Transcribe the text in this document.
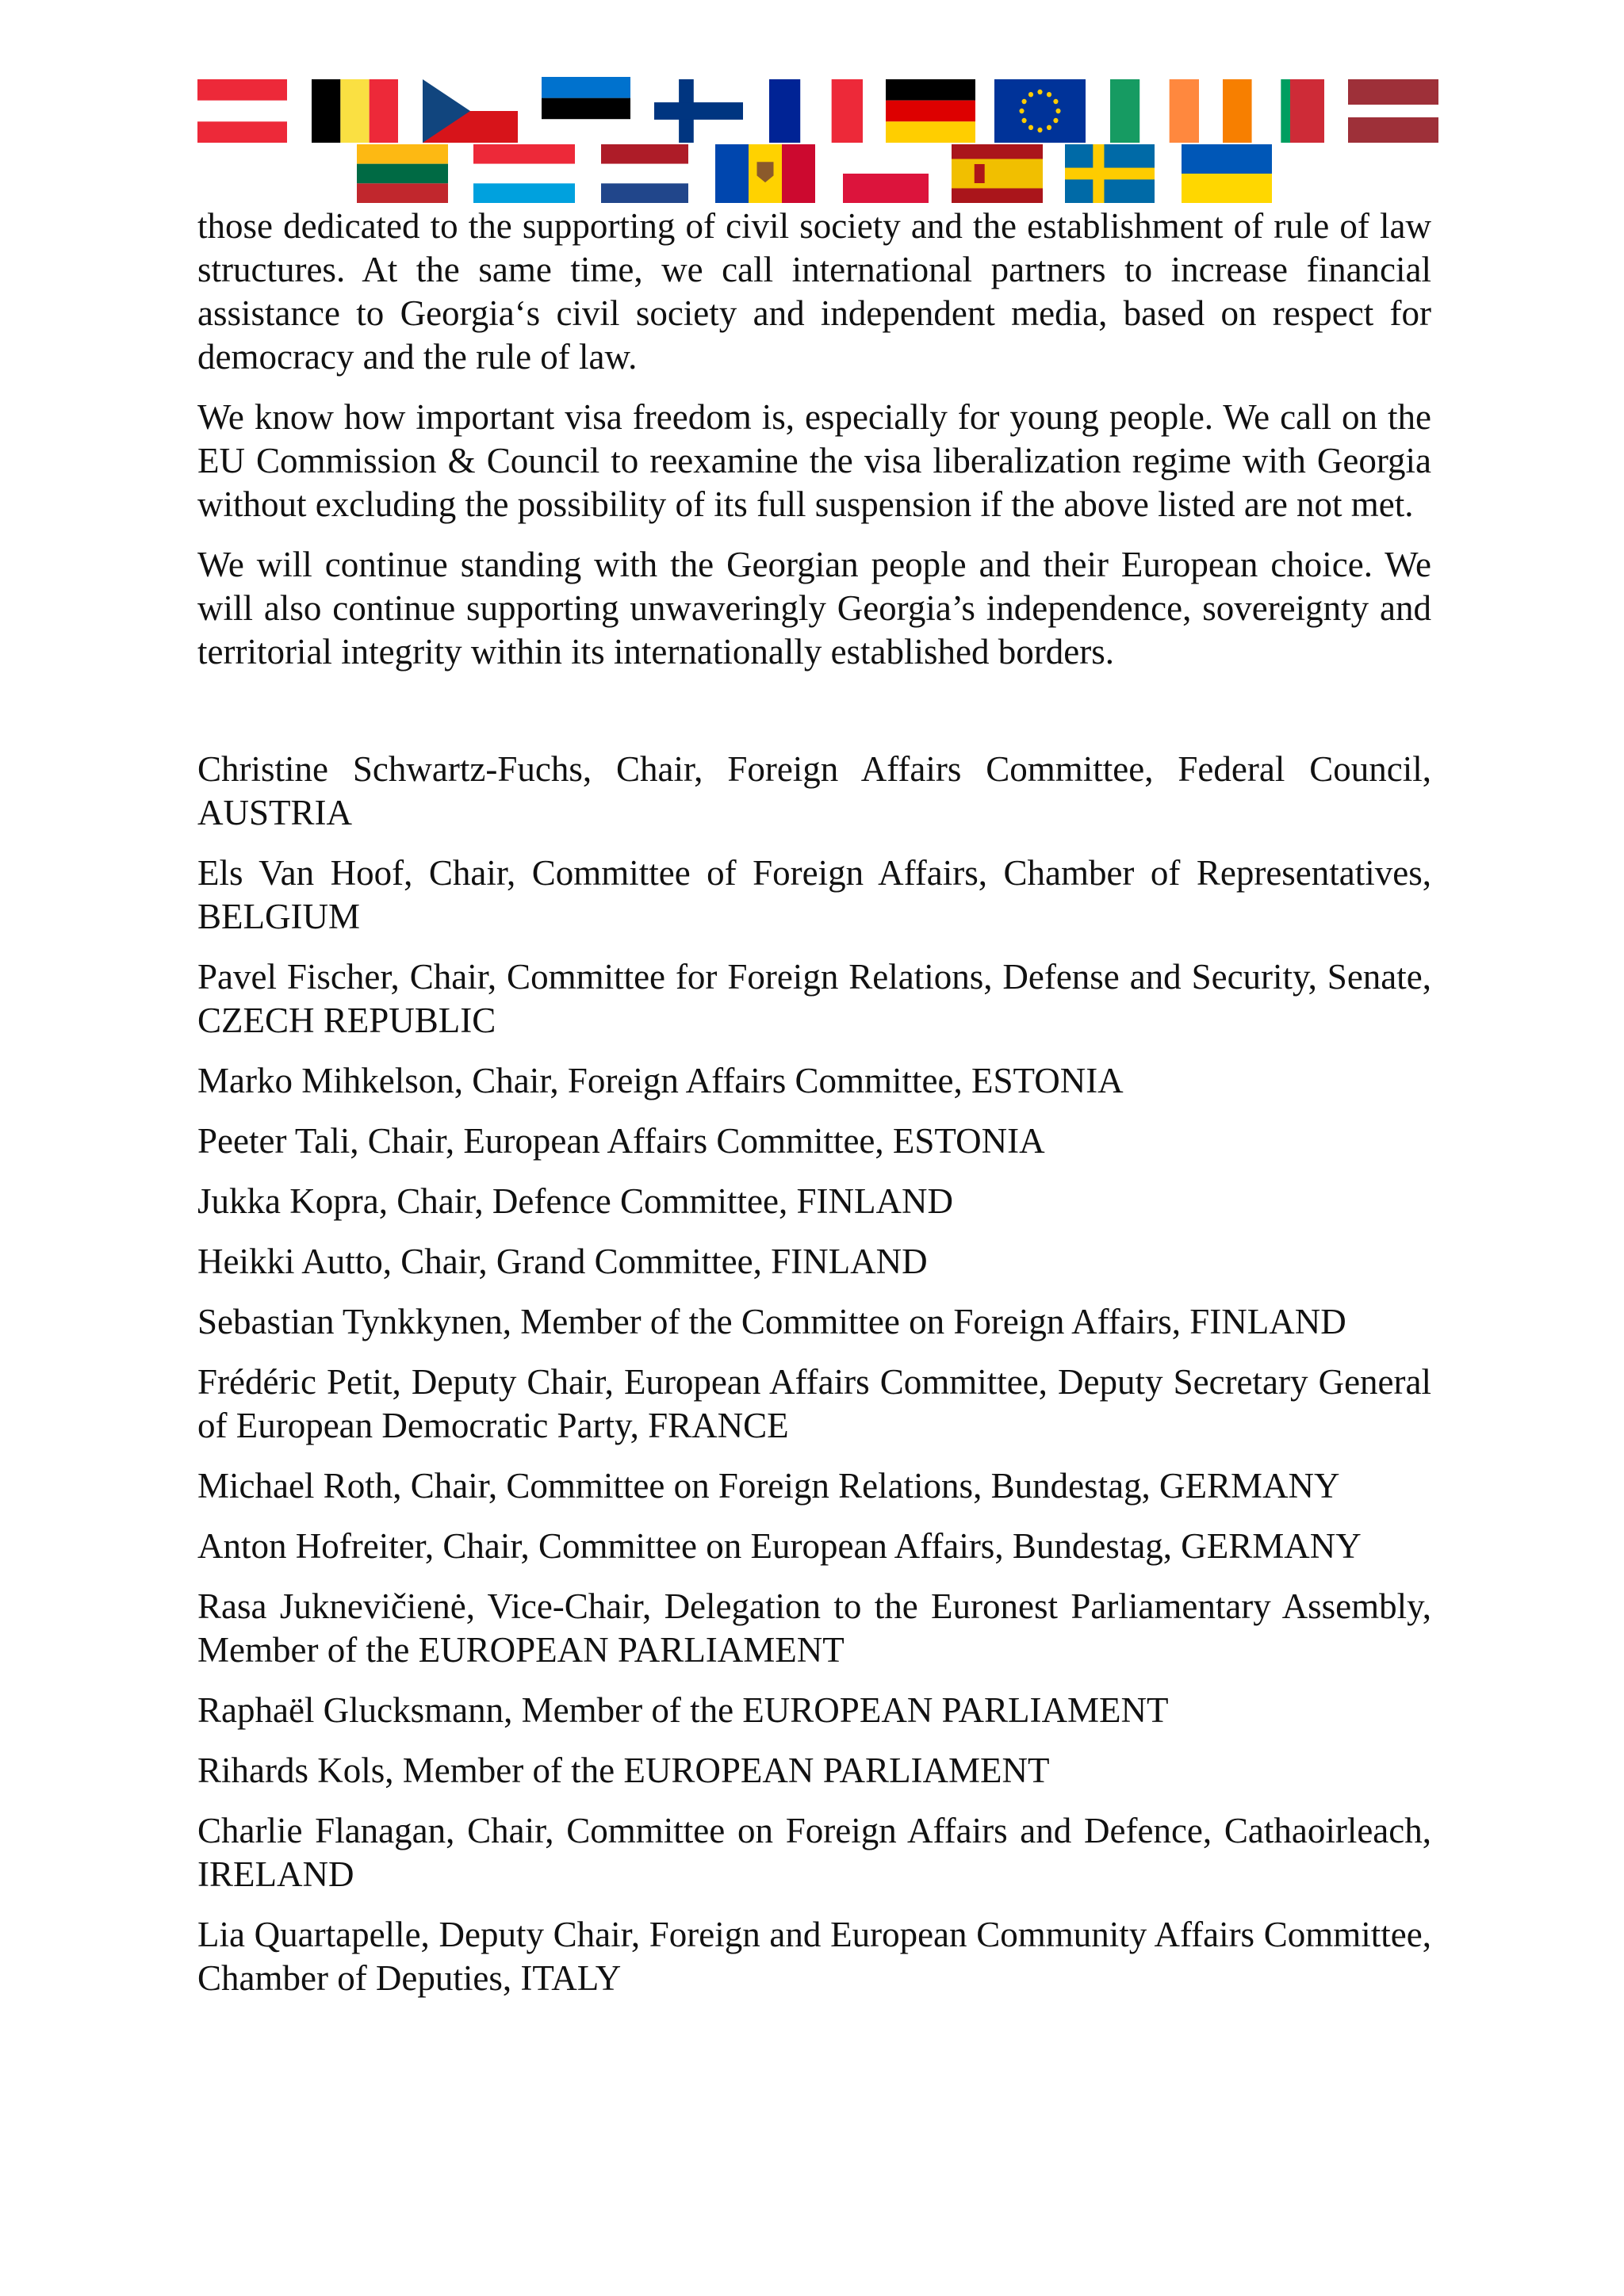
those dedicated to the supporting of civil society and the establishment of rule of law structures. At the same time, we call international partners to increase financial assistance to Georgia‘s civil society and independent media, based on respect for democracy and the rule of law.

We know how important visa freedom is, especially for young people. We call on the EU Commission & Council to reexamine the visa liberalization regime with Georgia without excluding the possibility of its full suspension if the above listed are not met.

We will continue standing with the Georgian people and their European choice. We will also continue supporting unwaveringly Georgia’s independence, sovereignty and territorial integrity within its internationally established borders.

Christine Schwartz-Fuchs, Chair, Foreign Affairs Committee, Federal Council, AUSTRIA

Els Van Hoof, Chair, Committee of Foreign Affairs, Chamber of Representatives, BELGIUM

Pavel Fischer, Chair, Committee for Foreign Relations, Defense and Security, Senate, CZECH REPUBLIC

Marko Mihkelson, Chair, Foreign Affairs Committee, ESTONIA

Peeter Tali, Chair, European Affairs Committee, ESTONIA

Jukka Kopra, Chair, Defence Committee, FINLAND

Heikki Autto, Chair, Grand Committee, FINLAND

Sebastian Tynkkynen, Member of the Committee on Foreign Affairs, FINLAND

Frédéric Petit, Deputy Chair, European Affairs Committee, Deputy Secretary General of European Democratic Party, FRANCE

Michael Roth, Chair, Committee on Foreign Relations, Bundestag, GERMANY

Anton Hofreiter, Chair, Committee on European Affairs, Bundestag, GERMANY

Rasa Juknevičienė, Vice-Chair, Delegation to the Euronest Parliamentary Assembly, Member of the EUROPEAN PARLIAMENT

Raphaël Glucksmann, Member of the EUROPEAN PARLIAMENT

Rihards Kols, Member of the EUROPEAN PARLIAMENT

Charlie Flanagan, Chair, Committee on Foreign Affairs and Defence, Cathaoirleach, IRELAND

Lia Quartapelle, Deputy Chair, Foreign and European Community Affairs Committee, Chamber of Deputies, ITALY
